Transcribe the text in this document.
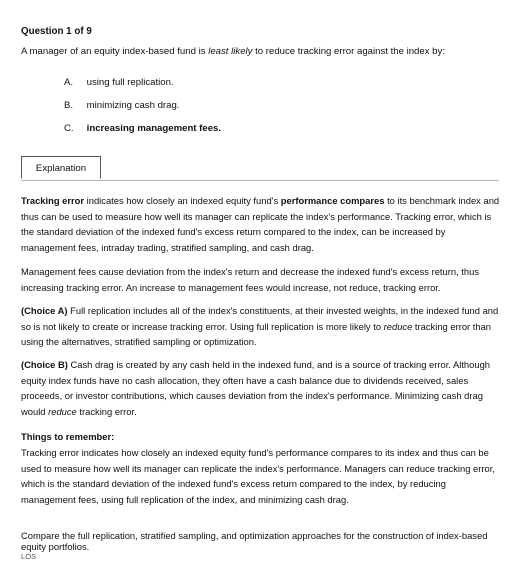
Question 1 of 9
A manager of an equity index-based fund is least likely to reduce tracking error against the index by:
A. using full replication.
B. minimizing cash drag.
C. increasing management fees.
Explanation
Tracking error indicates how closely an indexed equity fund's performance compares to its benchmark index and thus can be used to measure how well its manager can replicate the index's performance. Tracking error, which is the standard deviation of the indexed fund's excess return compared to the index, can be increased by management fees, intraday trading, stratified sampling, and cash drag.
Management fees cause deviation from the index's return and decrease the indexed fund's excess return, thus increasing tracking error. An increase to management fees would increase, not reduce, tracking error.
(Choice A) Full replication includes all of the index's constituents, at their invested weights, in the indexed fund and so is not likely to create or increase tracking error. Using full replication is more likely to reduce tracking error than using the alternatives, stratified sampling or optimization.
(Choice B) Cash drag is created by any cash held in the indexed fund, and is a source of tracking error. Although equity index funds have no cash allocation, they often have a cash balance due to dividends received, sales proceeds, or investor contributions, which causes deviation from the index's performance. Minimizing cash drag would reduce tracking error.
Things to remember:
Tracking error indicates how closely an indexed equity fund's performance compares to its index and thus can be used to measure how well its manager can replicate the index's performance. Managers can reduce tracking error, which is the standard deviation of the indexed fund's excess return compared to the index, by reducing management fees, using full replication of the index, and minimizing cash drag.
Compare the full replication, stratified sampling, and optimization approaches for the construction of index-based equity portfolios.
LOS
